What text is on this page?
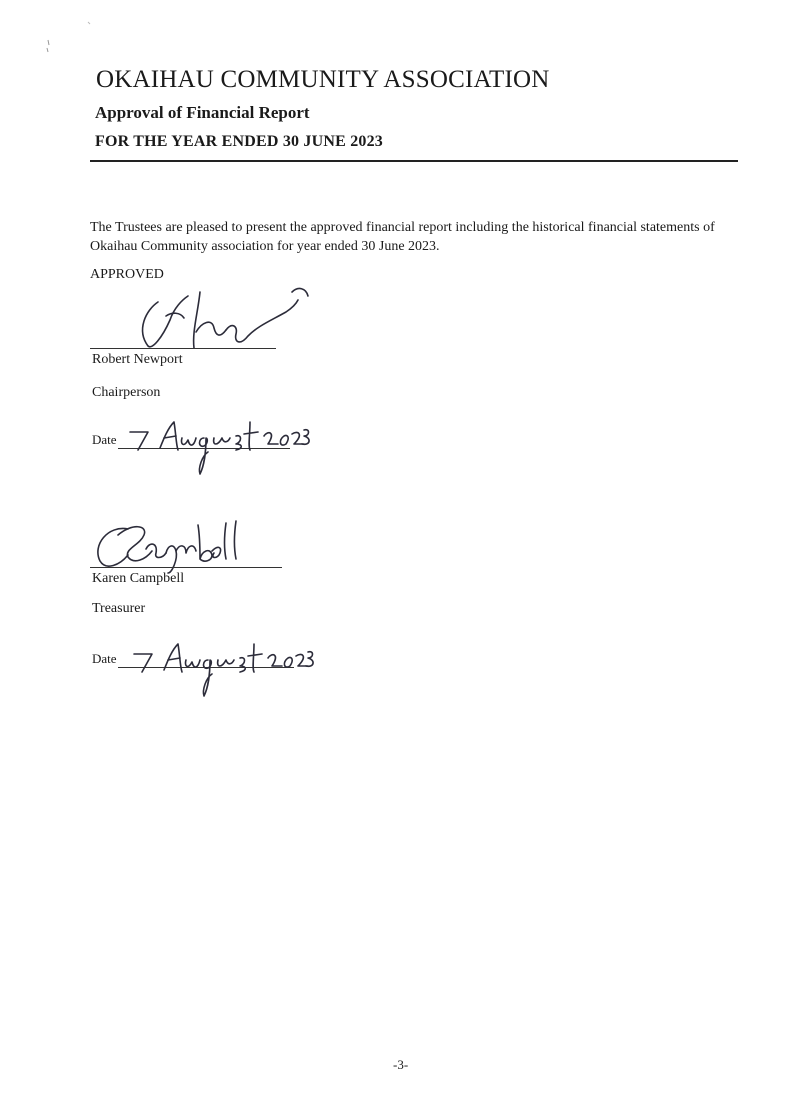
OKAIHAU COMMUNITY ASSOCIATION
Approval of Financial Report
FOR THE YEAR ENDED 30 JUNE 2023
The Trustees are pleased to present the approved financial report including the historical financial statements of Okaihau Community association for year ended 30 June 2023.
APPROVED
Robert Newport
Chairperson
Date
Karen Campbell
Treasurer
Date
-3-
